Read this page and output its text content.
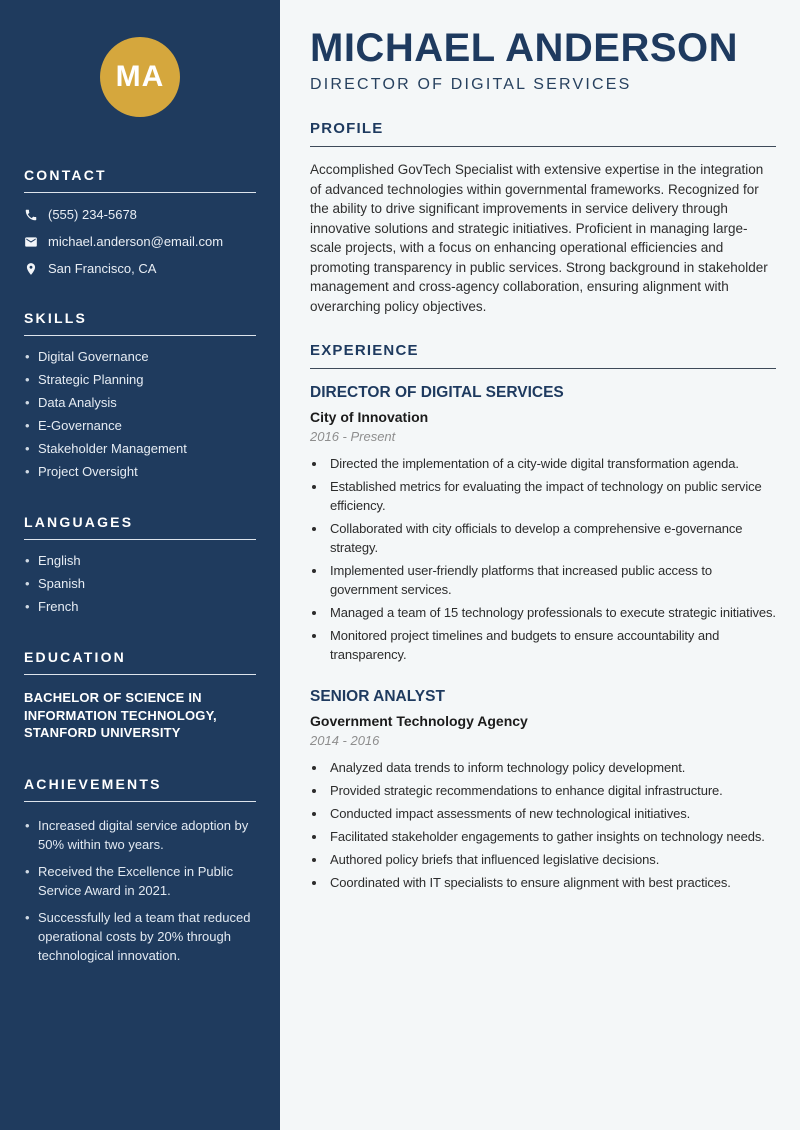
MA
CONTACT
(555) 234-5678
michael.anderson@email.com
San Francisco, CA
SKILLS
• Digital Governance
• Strategic Planning
• Data Analysis
• E-Governance
• Stakeholder Management
• Project Oversight
LANGUAGES
• English
• Spanish
• French
EDUCATION

BACHELOR OF SCIENCE IN INFORMATION TECHNOLOGY, STANFORD UNIVERSITY

ACHIEVEMENTS
• Increased digital service adoption by 50% within two years.
• Received the Excellence in Public Service Award in 2021.
• Successfully led a team that reduced operational costs by 20% through technological innovation.
MICHAEL ANDERSON
DIRECTOR OF DIGITAL SERVICES
PROFILE

Accomplished GovTech Specialist with extensive expertise in the integration of advanced technologies within governmental frameworks. Recognized for the ability to drive significant improvements in service delivery through innovative solutions and strategic initiatives. Proficient in managing large-scale projects, with a focus on enhancing operational efficiencies and promoting transparency in public services. Strong background in stakeholder management and cross-agency collaboration, ensuring alignment with overarching policy objectives.

EXPERIENCE
DIRECTOR OF DIGITAL SERVICES
City of Innovation
2016 - Present
• Directed the implementation of a city-wide digital transformation agenda.
• Established metrics for evaluating the impact of technology on public service efficiency.
• Collaborated with city officials to develop a comprehensive e-governance strategy.
• Implemented user-friendly platforms that increased public access to government services.
• Managed a team of 15 technology professionals to execute strategic initiatives.
• Monitored project timelines and budgets to ensure accountability and transparency.
SENIOR ANALYST
Government Technology Agency
2014 - 2016
• Analyzed data trends to inform technology policy development.
• Provided strategic recommendations to enhance digital infrastructure.
• Conducted impact assessments of new technological initiatives.
• Facilitated stakeholder engagements to gather insights on technology needs.
• Authored policy briefs that influenced legislative decisions.
• Coordinated with IT specialists to ensure alignment with best practices.
